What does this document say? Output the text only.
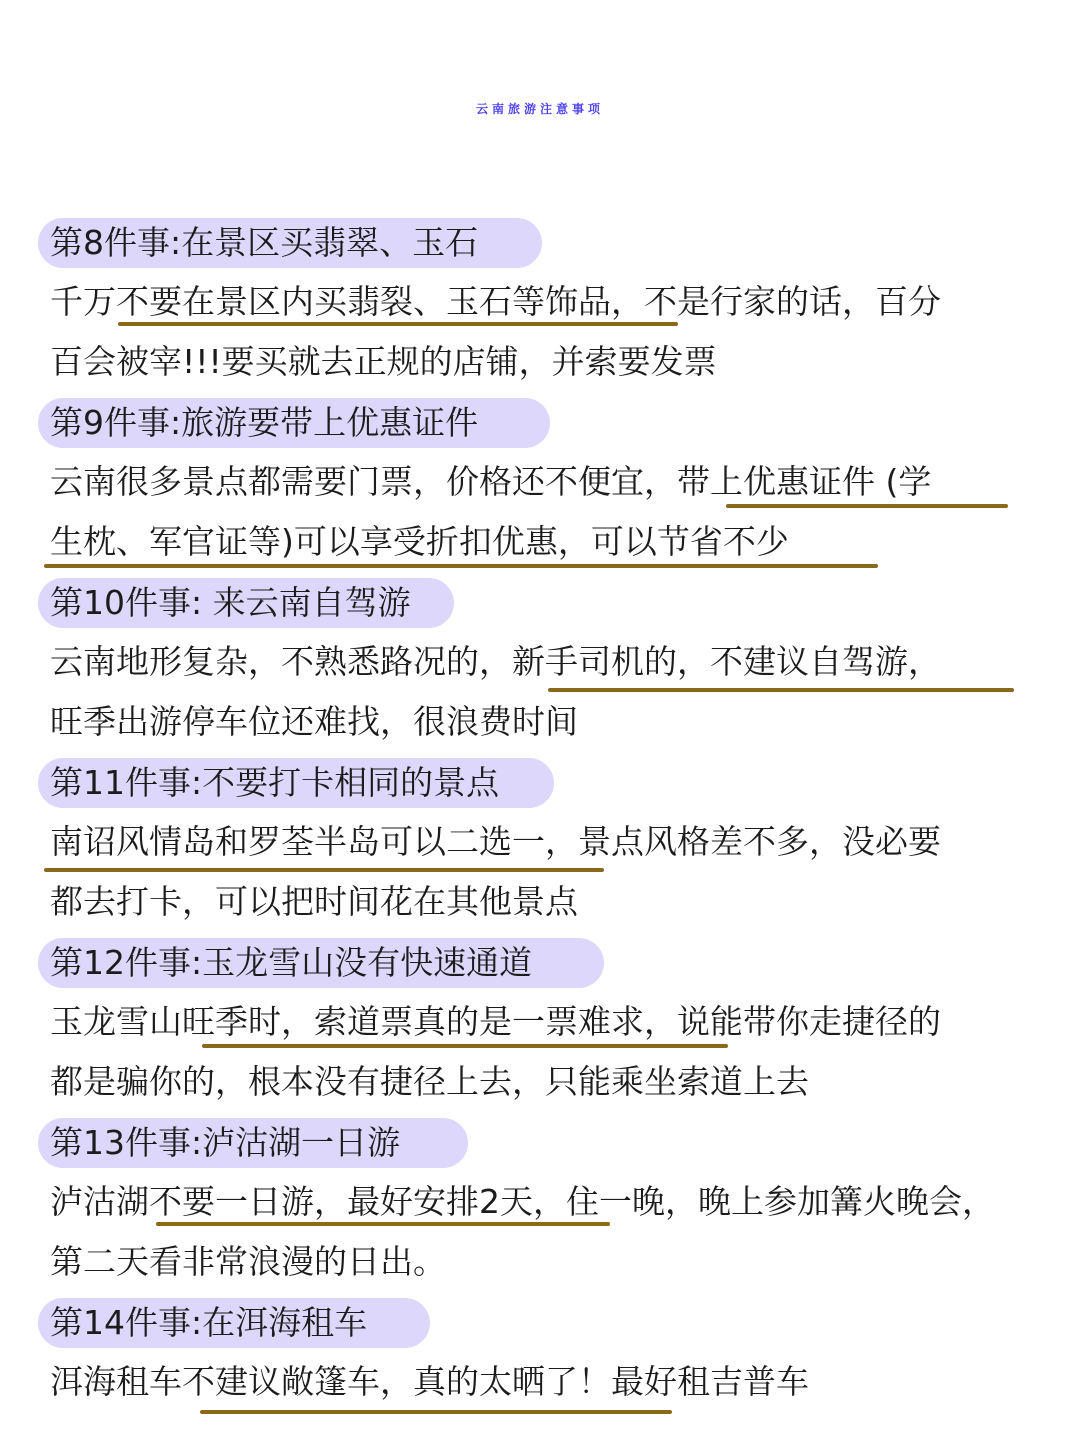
云南旅游注意事项
第8件事:在景区买翡翠、玉石
千万不要在景区内买翡裂、玉石等饰品，不是行家的话，百分
百会被宰!!!要买就去正规的店铺，并索要发票
第9件事:旅游要带上优惠证件
云南很多景点都需要门票，价格还不便宜，带上优惠证件 (学
生枕、军官证等)可以享受折扣优惠，可以节省不少
第10件事: 来云南自驾游
云南地形复杂，不熟悉路况的，新手司机的，不建议自驾游，
旺季出游停车位还难找，很浪费时间
第11件事:不要打卡相同的景点
南诏风情岛和罗荃半岛可以二选一，景点风格差不多，没必要
都去打卡，可以把时间花在其他景点
第12件事:玉龙雪山没有快速通道
玉龙雪山旺季时，索道票真的是一票难求，说能带你走捷径的
都是骗你的，根本没有捷径上去，只能乘坐索道上去
第13件事:泸沽湖一日游
泸沽湖不要一日游，最好安排2天，住一晚，晚上参加篝火晚会，
第二天看非常浪漫的日出。
第14件事:在洱海租车
洱海租车不建议敞篷车，真的太晒了！最好租吉普车
